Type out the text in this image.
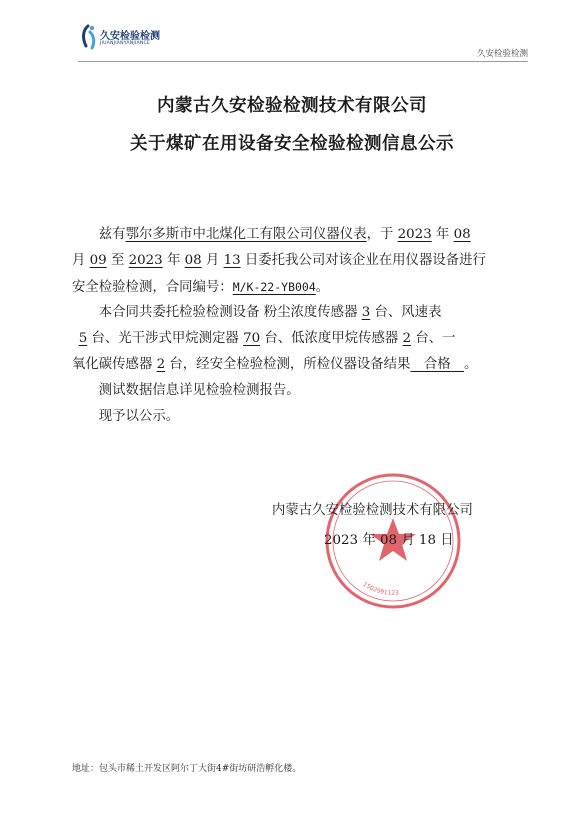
久安检验检测
JIUANJIANYANJIANCE
久安检验检测
内蒙古久安检验检测技术有限公司
关于煤矿在用设备安全检验检测信息公示
  兹有鄂尔多斯市中北煤化工有限公司仪器仪表，于 2023 年 08
月 09 至 2023 年 08 月 13 日委托我公司对该企业在用仪器设备进行
安全检验检测，合同编号：M/K-22-YB004。
  本合同共委托检验检测设备 粉尘浓度传感器 3 台、风速表
 5 台、光干涉式甲烷测定器 70 台、低浓度甲烷传感器 2 台、一
氧化碳传感器 2 台，经安全检验检测，所检仪器设备结果   合格   。
  测试数据信息详见检验检测报告。
  现予以公示。
1502991123
内蒙古久安检验检测技术有限公司
2023 年 08 月 18 日
地址：包头市稀土开发区阿尔丁大街4#街坊研浩孵化楼。
